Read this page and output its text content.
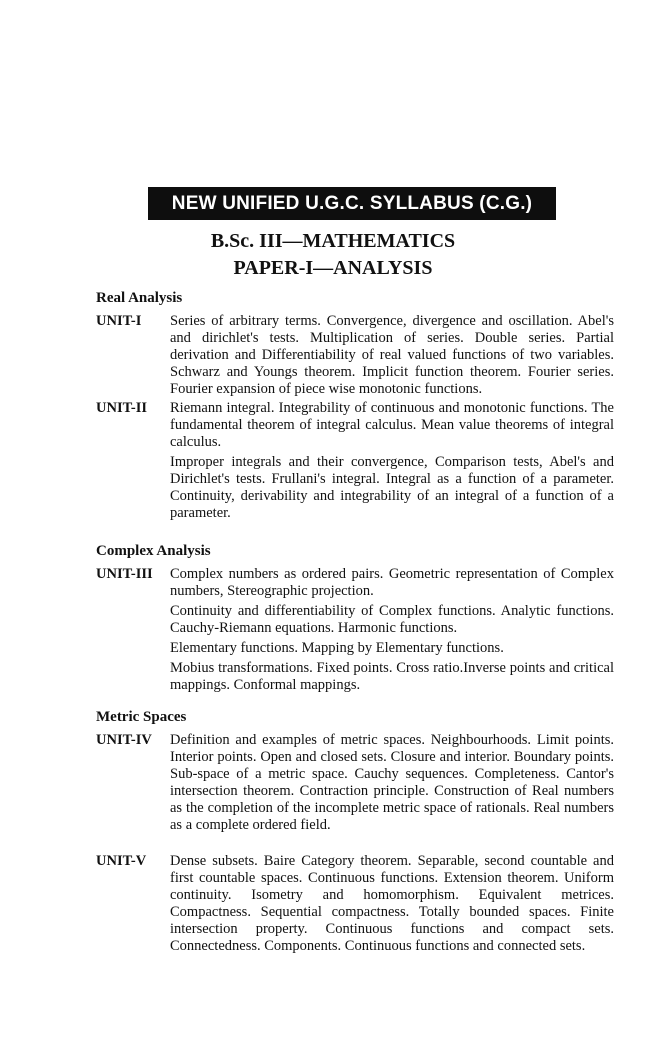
NEW UNIFIED U.G.C. SYLLABUS (C.G.)
B.Sc. III—MATHEMATICS
PAPER-I—ANALYSIS
Real Analysis
UNIT-I Series of arbitrary terms. Convergence, divergence and oscillation. Abel's and dirichlet's tests. Multiplication of series. Double series. Partial derivation and Differentiability of real valued functions of two variables. Schwarz and Youngs theorem. Implicit function theorem. Fourier series. Fourier expansion of piece wise monotonic functions.

UNIT-II Riemann integral. Integrability of continuous and monotonic functions. The fundamental theorem of integral calculus. Mean value theorems of integral calculus.

Improper integrals and their convergence, Comparison tests, Abel's and Dirichlet's tests. Frullani's integral. Integral as a function of a parameter. Continuity, derivability and integrability of an integral of a function of a parameter.

Complex Analysis
UNIT-III Complex numbers as ordered pairs. Geometric representation of Complex numbers, Stereographic projection.

Continuity and differentiability of Complex functions. Analytic functions. Cauchy-Riemann equations. Harmonic functions.

Elementary functions. Mapping by Elementary functions.

Mobius transformations. Fixed points. Cross ratio.Inverse points and critical mappings. Conformal mappings.

Metric Spaces
UNIT-IV Definition and examples of metric spaces. Neighbourhoods. Limit points. Interior points. Open and closed sets. Closure and interior. Boundary points. Sub-space of a metric space. Cauchy sequences. Completeness. Cantor's intersection theorem. Contraction principle. Construction of Real numbers as the completion of the incomplete metric space of rationals. Real numbers as a complete ordered field.

UNIT-V Dense subsets. Baire Category theorem. Separable, second countable and first countable spaces. Continuous functions. Extension theorem. Uniform continuity. Isometry and homomorphism. Equivalent metrices. Compactness. Sequential compactness. Totally bounded spaces. Finite intersection property. Continuous functions and compact sets. Connectedness. Components. Continuous functions and connected sets.
